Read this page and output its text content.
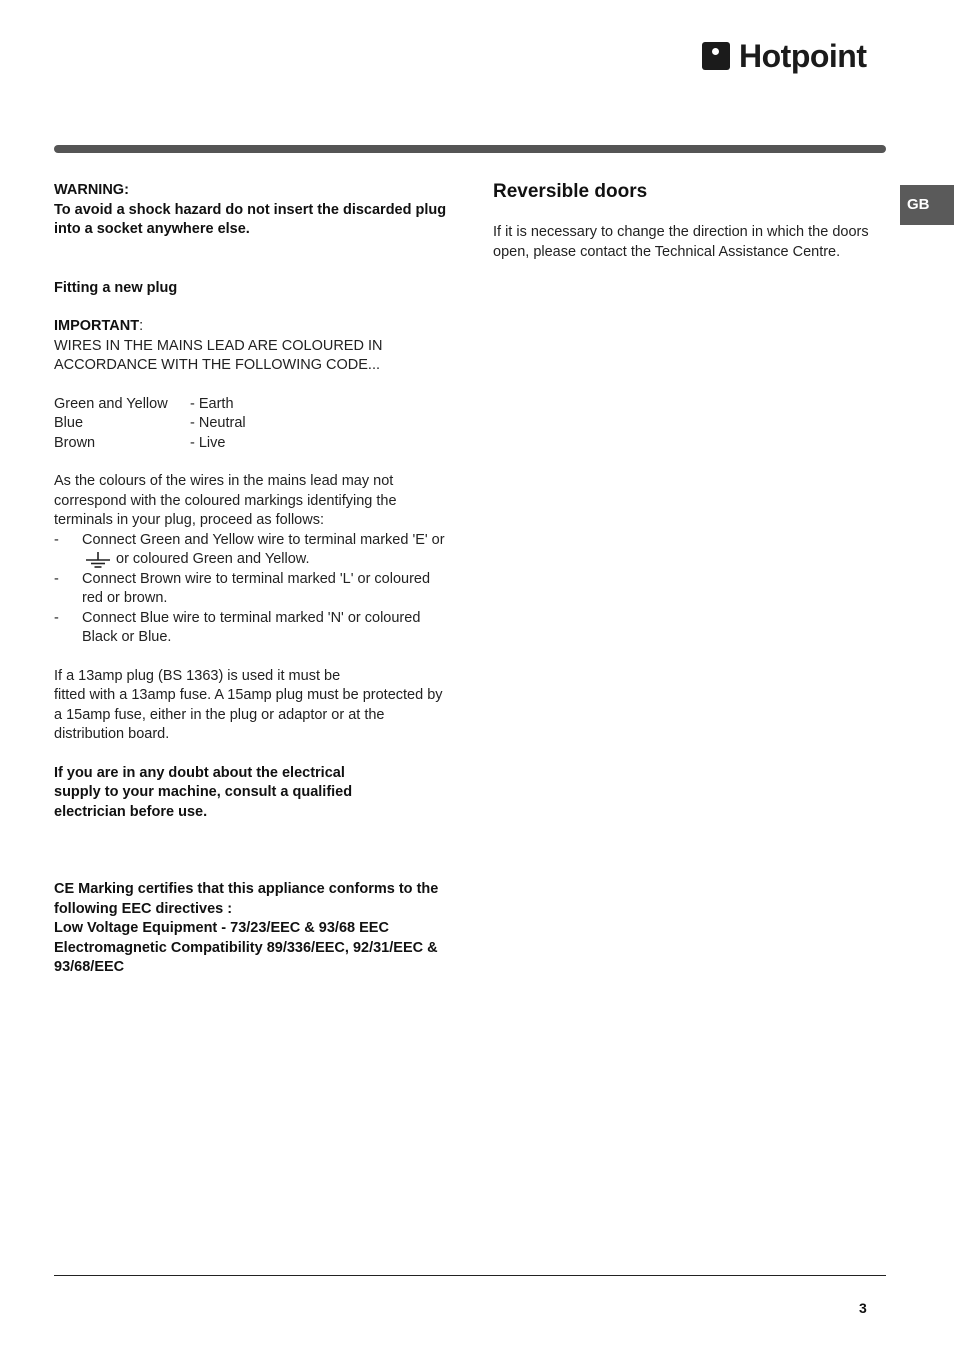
Hotpoint
GB

WARNING:

To avoid a shock hazard do not insert the discarded plug into a socket anywhere else.

Fitting a new plug

IMPORTANT:

WIRES IN THE MAINS LEAD ARE COLOURED IN ACCORDANCE WITH THE FOLLOWING CODE...

Green and Yellow	- Earth
Blue	- Neutral
Brown	- Live

As the colours of the wires in the mains lead may not correspond with the coloured markings identifying the terminals in your plug, proceed as follows:

- Connect Green and Yellow wire to terminal marked 'E' oror coloured Green and Yellow.
- Connect Brown wire to terminal marked 'L' or coloured red or brown.
- Connect Blue wire to terminal marked 'N' or coloured Black or Blue.

If a 13amp plug (BS 1363) is used it must be

fitted with a 13amp fuse. A 15amp plug must be protected by a 15amp fuse, either in the plug or adaptor or at the distribution board.

If you are in any doubt about the electrical supply to your machine, consult a qualified electrician before use.

CE Marking certifies that this appliance conforms to the following EEC directives :

Low Voltage Equipment - 73/23/EEC & 93/68 EEC

Electromagnetic Compatibility 89/336/EEC, 92/31/EEC & 93/68/EEC

Reversible doors

If it is necessary to change the direction in which the doors open, please contact the Technical Assistance Centre.

3
